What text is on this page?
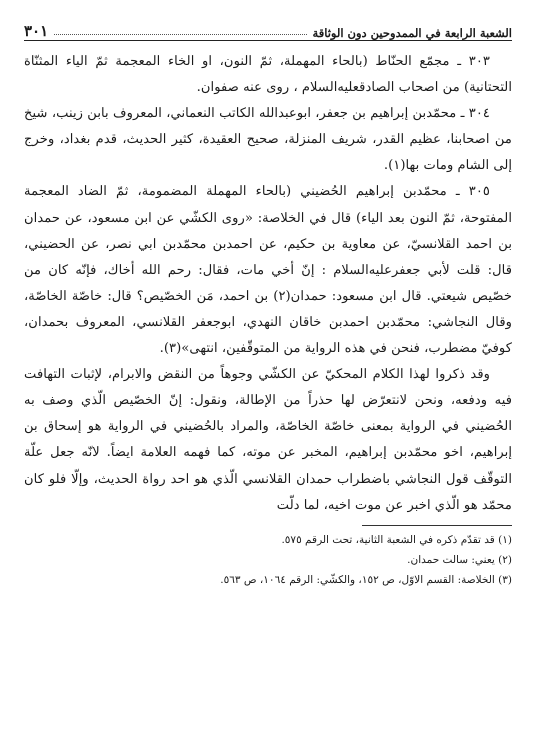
الشعبة الرابعة في الممدوحين دون الوثاقة
٣٠١

٣٠٣ ـ مجمّع الحنّاط (بالحاء المهملة، ثمّ النون، او الخاء المعجمة ثمّ الياء المثنّاة التحتانية) من اصحاب الصادقعليه‌السلام ، روى عنه صفوان.

٣٠٤ ـ محمّدبن إبراهيم بن جعفر، ابوعبدالله الكاتب النعماني، المعروف بابن زينب، شيخ من اصحابنا، عظيم القدر، شريف المنزلة، صحيح العقيدة، كثير الحديث، قدم بغداد، وخرج إلى الشام ومات بها(١).

٣٠٥ ـ محمّدبن إبراهيم الحُضيني (بالحاء المهملة المضمومة، ثمّ الضاد المعجمة المفتوحة، ثمّ النون بعد الياء) قال في الخلاصة: «روى الكشّي عن ابن مسعود، عن حمدان بن احمد القلانسيّ، عن معاوية بن حكيم، عن احمدبن محمّدبن ابي نصر، عن الحضيني، قال: قلت لأبي جعفرعليه‌السلام : إنّ أخي مات، فقال: رحم الله أخاك، فإنّه كان من خصّيص شيعتي. قال ابن مسعود: حمدان(٢) بن احمد، مَن الخصّيص؟ قال: خاصّة الخاصّة، وقال النجاشي: محمّدبن احمدبن خاقان النهدي، ابوجعفر القلانسي، المعروف بحمدان، كوفيّ مضطرب، فنحن في هذه الرواية من المتوقّفين، انتهى»(٣).

وقد ذكروا لهذا الكلام المحكيّ عن الكشّي وجوهاً من النقض والابرام، لإثبات التهافت فيه ودفعه، ونحن لانتعرّض لها حذراً من الإطالة، ونقول: إنّ الخصّيص الّذي وصف به الحُضيني في الرواية بمعنى خاصّة الخاصّة، والمراد بالحُضيني في الرواية هو إسحاق بن إبراهيم، اخو محمّدبن إبراهيم، المخبر عن موته، كما فهمه العلامة ايضاً. لانّه جعل علّة التوقّف قول النجاشي باضطراب حمدان القلانسي الّذي هو احد رواة الحديث، وإلّا فلو كان محمّد هو الّذي اخبر عن موت اخيه، لما دلّت

(١) قد تقدّم ذكره في الشعبة الثانية، تحت الرقم ٥٧٥.
(٢) يعني: سالت حمدان.
(٣) الخلاصة: القسم الاوّل، ص ١٥٢، والكشّي: الرقم ١٠٦٤، ص ٥٦٣.
